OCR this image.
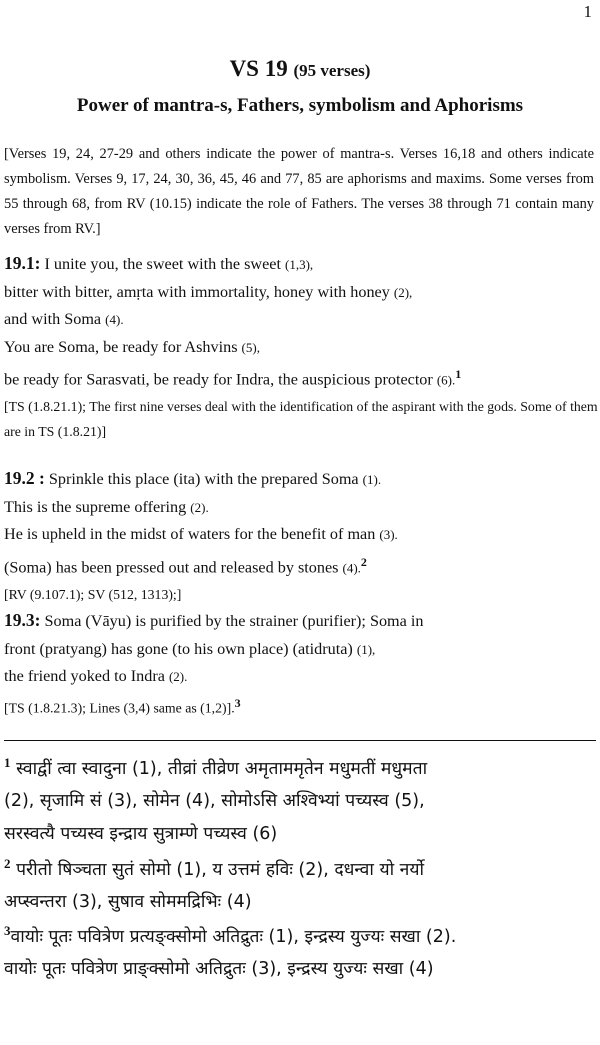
1
VS 19 (95 verses)
Power of mantra-s, Fathers, symbolism and Aphorisms
[Verses 19, 24, 27-29 and others indicate the power of mantra-s. Verses 16,18 and others indicate symbolism. Verses 9, 17, 24, 30, 36, 45, 46 and 77, 85 are aphorisms and maxims. Some verses from 55 through 68, from RV (10.15) indicate the role of Fathers. The verses 38 through 71 contain many verses from RV.]
19.1: I unite you, the sweet with the sweet (1,3),
bitter with bitter, amṛta with immortality, honey with honey (2),
and with Soma (4).
You are Soma, be ready for Ashvins (5),
be ready for Sarasvati, be ready for Indra, the auspicious protector (6).$^1$
[TS (1.8.21.1); The first nine verses deal with the identification of the aspirant with the gods. Some of them are in TS (1.8.21)]
19.2 : Sprinkle this place (ita) with the prepared Soma (1).
This is the supreme offering (2).
He is upheld in the midst of waters for the benefit of man (3).
(Soma) has been pressed out and released by stones (4).$^2$
[RV (9.107.1); SV (512, 1313);]
19.3: Soma (Vāyu) is purified by the strainer (purifier); Soma in
front (pratyang) has gone (to his own place) (atidruta) (1),
the friend yoked to Indra (2).
[TS (1.8.21.3); Lines (3,4) same as (1,2)].$^3$
$^1$ स्वाद्वीं त्वा स्वादुना (1), तीव्रां तीव्रेण अमृताममृतेन मधुमतीं मधुमता
(2), सृजामि सं (3), सोमेन (4), सोमोऽसि अश्विभ्यां पच्यस्व (5),
सरस्वत्यै पच्यस्व इन्द्राय सुत्राम्णे पच्यस्व (6)
$^2$ परीतो षिञ्चता सुतं सोमो (1), य उत्तमं हविः (2), दधन्वा यो नर्यो
अप्स्वन्तरा (3), सुषाव सोममद्रिभिः (4)
$^3$वायोः पूतः पवित्रेण प्रत्यङ्क्सोमो अतिद्रुतः (1), इन्द्रस्य युज्यः सखा (2).
वायोः पूतः पवित्रेण प्राङ्क्सोमो अतिद्रुतः (3), इन्द्रस्य युज्यः सखा (4)
